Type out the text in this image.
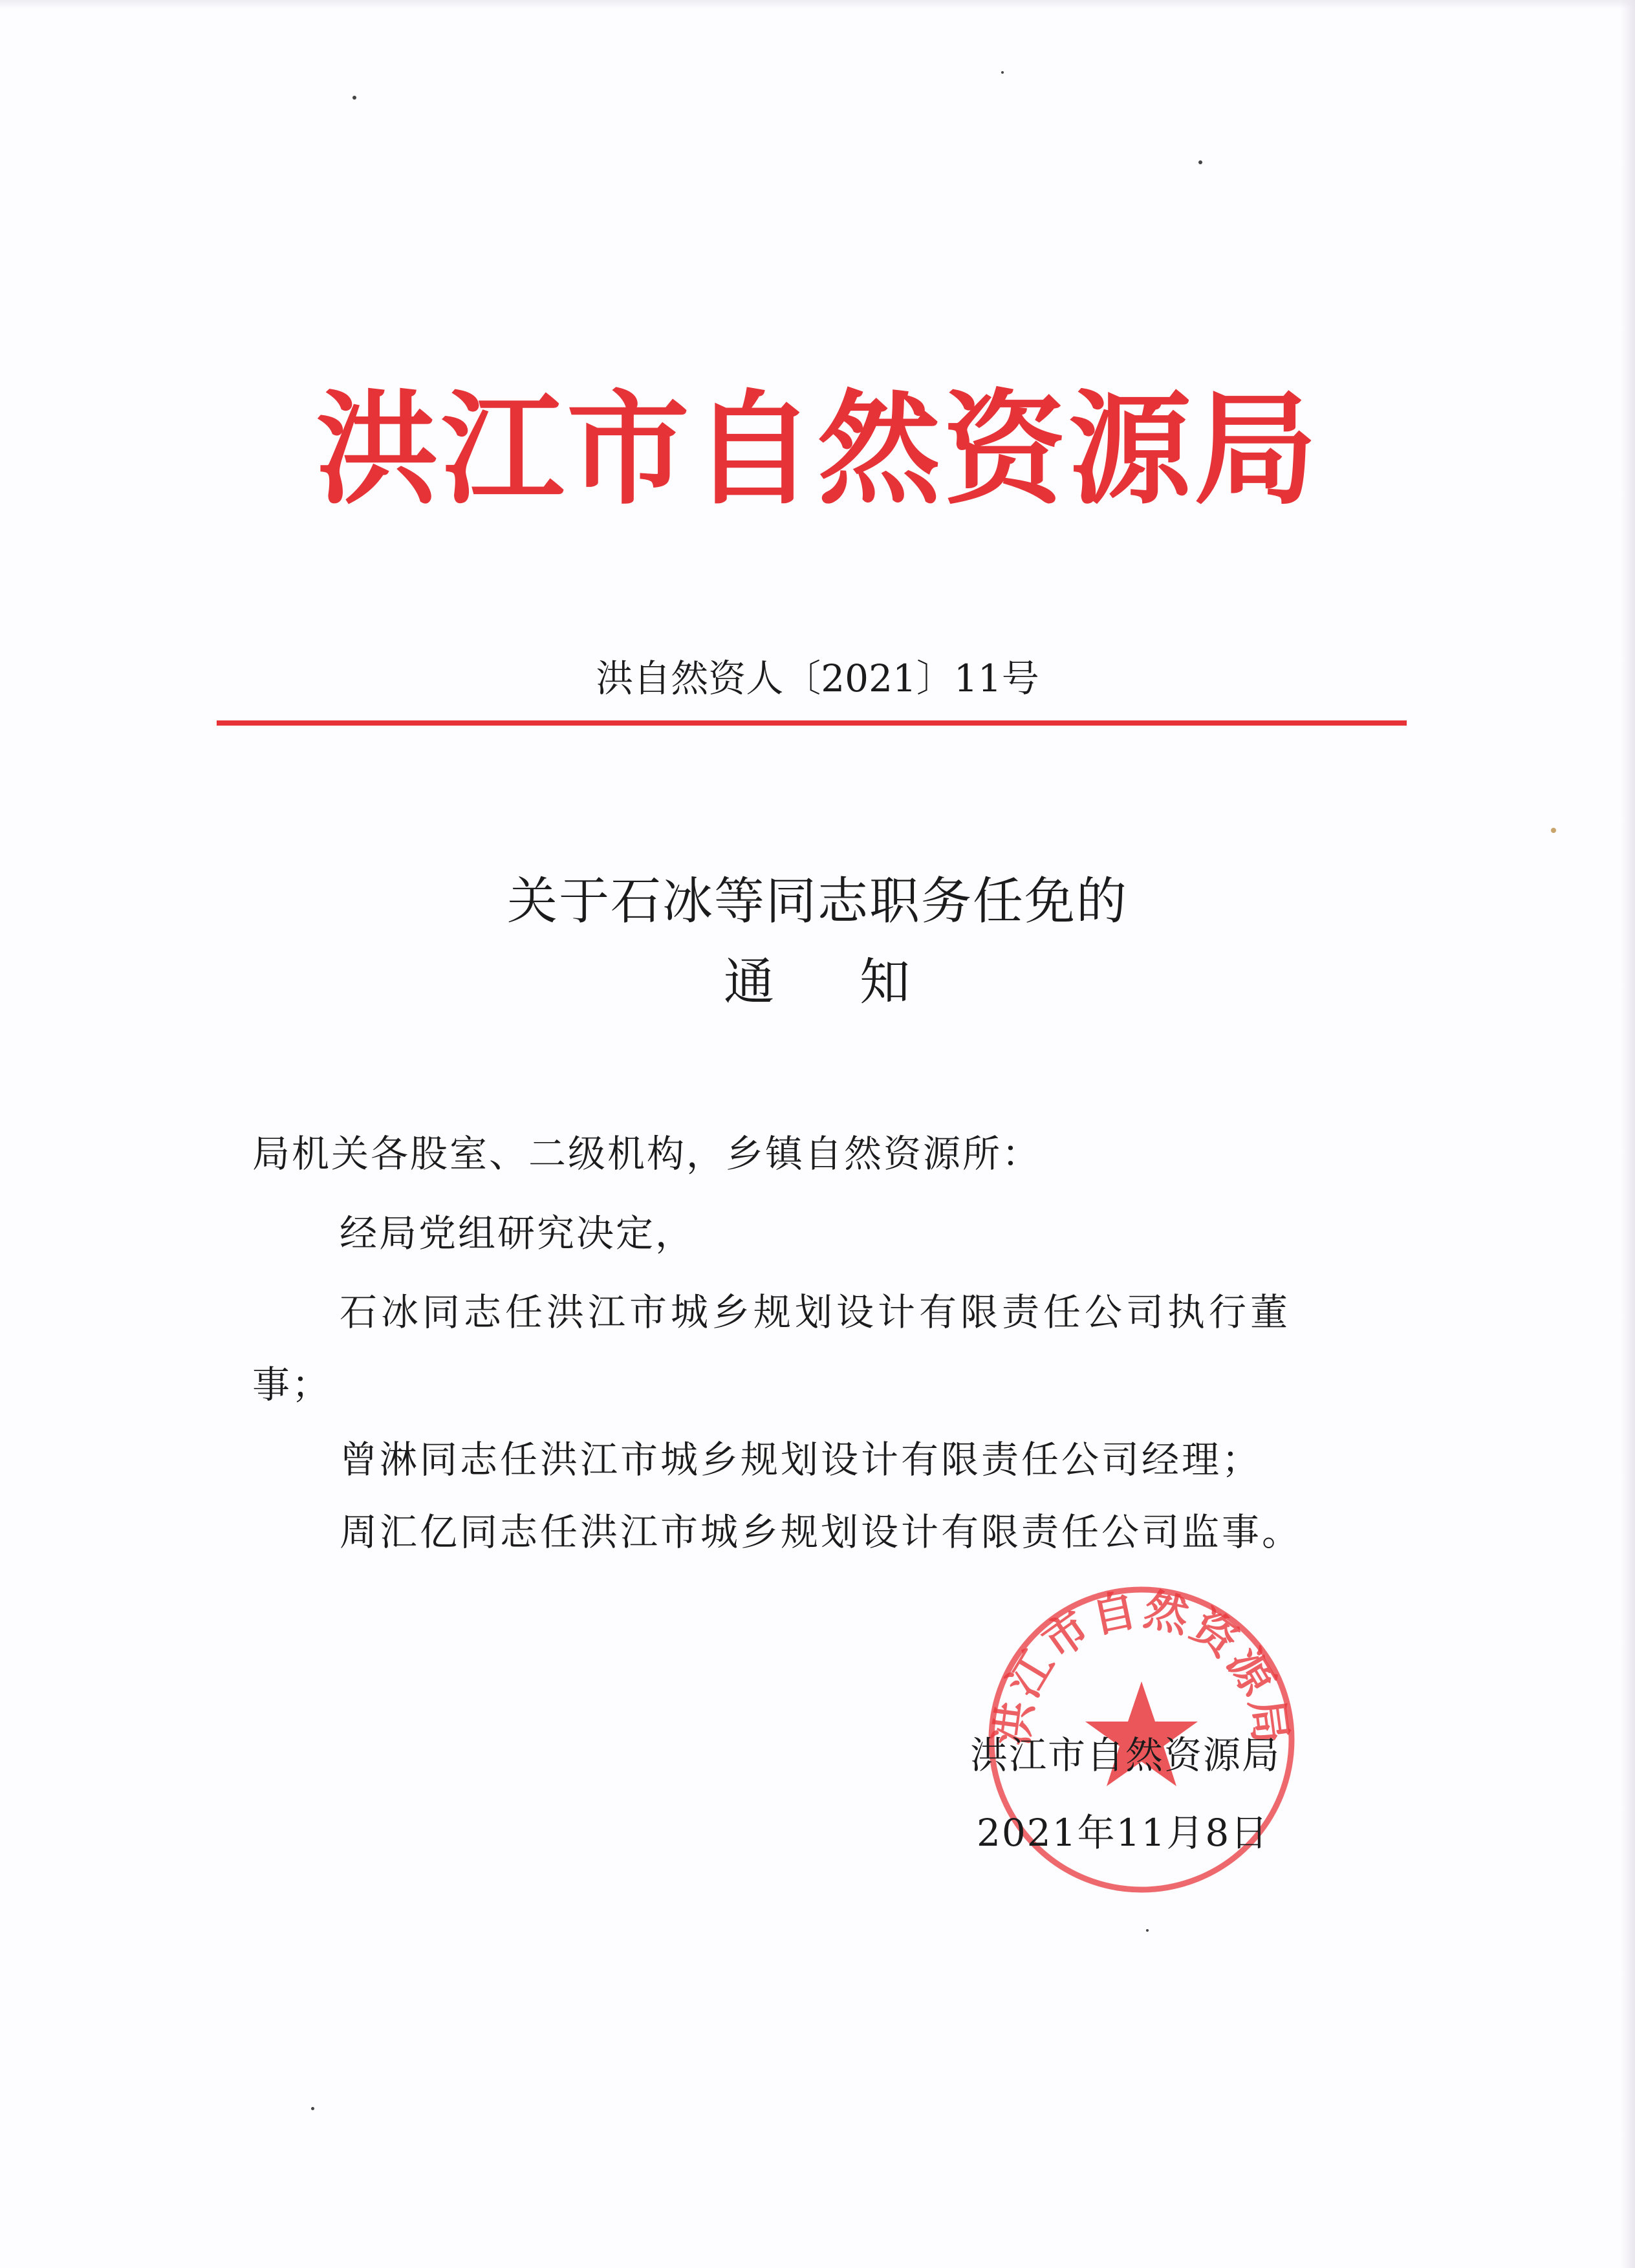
洪江市自然资源局
洪自然资人〔2021〕11号
关于石冰等同志职务任免的
通 知
局机关各股室、二级机构，乡镇自然资源所：
经局党组研究决定，
石冰同志任洪江市城乡规划设计有限责任公司执行董
事；
曾淋同志任洪江市城乡规划设计有限责任公司经理；
周汇亿同志任洪江市城乡规划设计有限责任公司监事。
洪江市自然资源局
洪江市自然资源局
2021年11月8日
